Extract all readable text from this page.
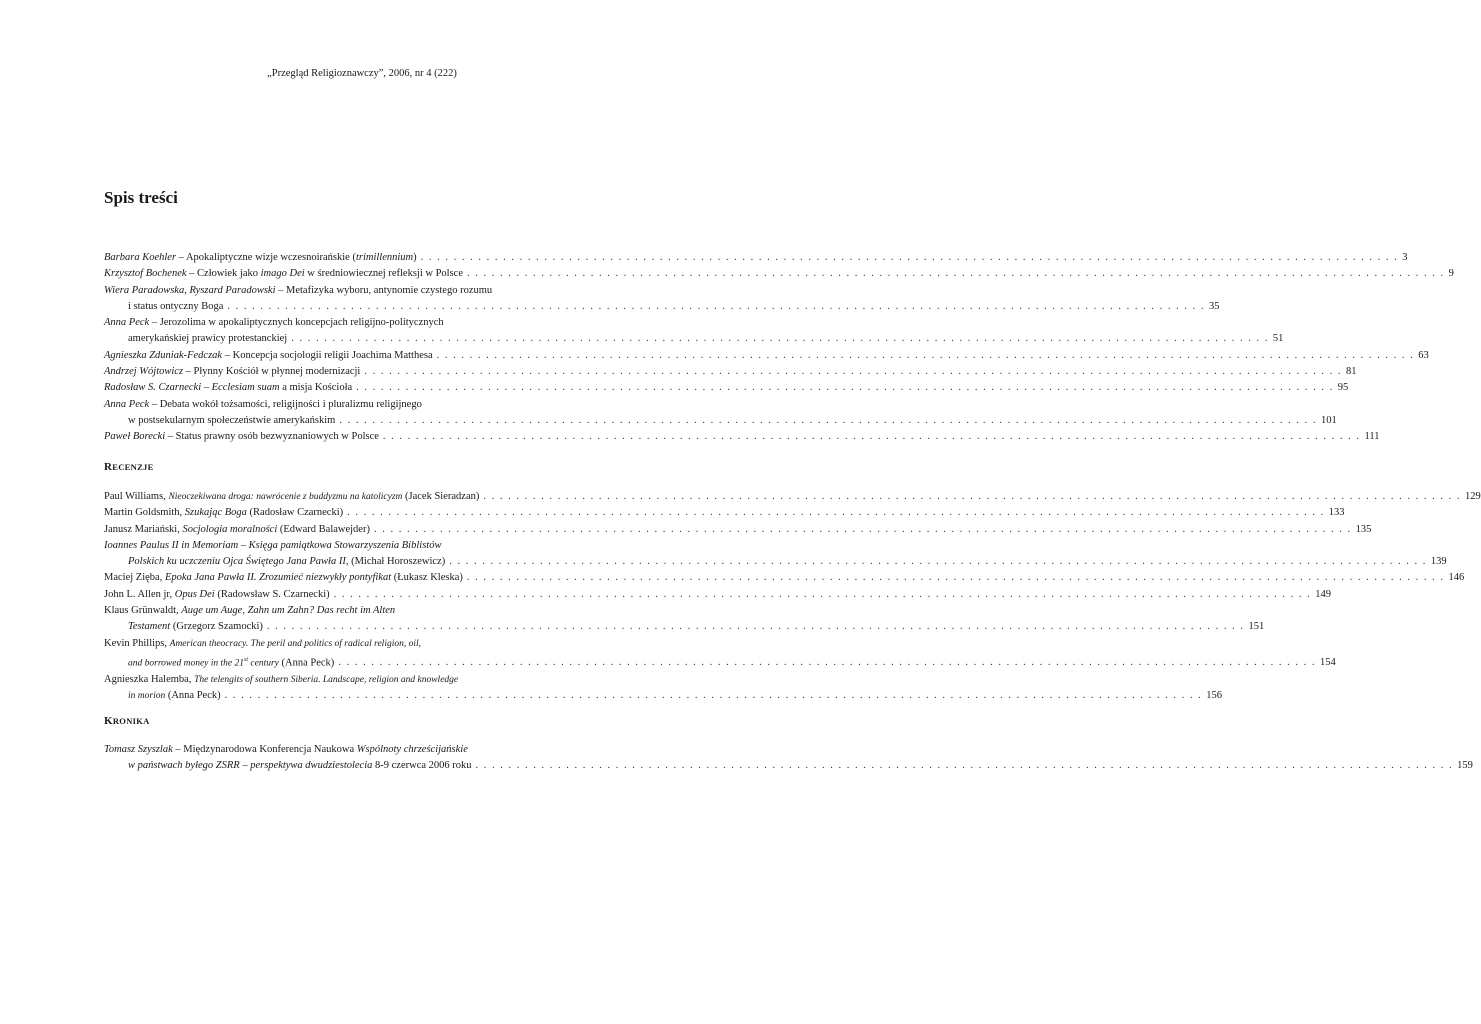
„Przegląd Religioznawczy”, 2006, nr 4 (222)
Spis treści
Barbara Koehler – Apokaliptyczne wizje wczesnoirańskie (trimillennium) . . .	3
Krzysztof Bochenek – Człowiek jako imago Dei w średniowiecznej refleksji w Polsce . . .	9
Wiera Paradowska, Ryszard Paradowski – Metafizyka wyboru, antynomie czystego rozumu
i status ontyczny Boga . . .	35
Anna Peck – Jerozolima w apokaliptycznych koncepcjach religijno-politycznych
amerykańskiej prawicy protestanckiej . . .	51
Agnieszka Zduniak-Fedczak – Koncepcja socjologii religii Joachima Matthesa . . .	63
Andrzej Wójtowicz – Płynny Kościół w płynnej modernizacji . . .	81
Radosław S. Czarnecki – Ecclesiam suam a misja Kościoła . . .	95
Anna Peck – Debata wokół tożsamości, religijności i pluralizmu religijnego
w postsekularnym społeczeństwie amerykańskim . . .	101
Paweł Borecki – Status prawny osób bezwyznaniowych w Polsce . . .	111
RECENZJE
Paul Williams, Nieoczekiwana droga: nawrócenie z buddyzmu na katolicyzm (Jacek Sieradzan) . . .	129
Martin Goldsmith, Szukając Boga (Radosław Czarnecki) . . .	133
Janusz Mariański, Socjologia moralności (Edward Balawejder) . . .	135
Ioannes Paulus II in Memoriam – Księga pamiątkowa Stowarzyszenia Biblistów
Polskich ku uczczeniu Ojca Świętego Jana Pawła II, (Michał Horoszewicz) . . .	139
Maciej Zięba, Epoka Jana Pawła II. Zrozumieć niezwykły pontyfikat (Łukasz Kleska) . . .	146
John L. Allen jr, Opus Dei (Radowsław S. Czarnecki) . . .	149
Klaus Grünwaldt, Auge um Auge, Zahn um Zahn? Das recht im Alten
Testament (Grzegorz Szamocki) . . .	151
Kevin Phillips, American theocracy. The peril and politics of radical religion, oil,
and borrowed money in the 21st century (Anna Peck) . . .	154
Agnieszka Halemba, The telengits of southern Siberia. Landscape, religion and knowledge
in morion (Anna Peck) . . .	156
KRONIKA
Tomasz Szyszlak – Międzynarodowa Konferencja Naukowa Wspólnoty chrześcijańskie
w państwach byłego ZSRR – perspektywa dwudziestolecia 8-9 czerwca 2006 roku . . .	159
